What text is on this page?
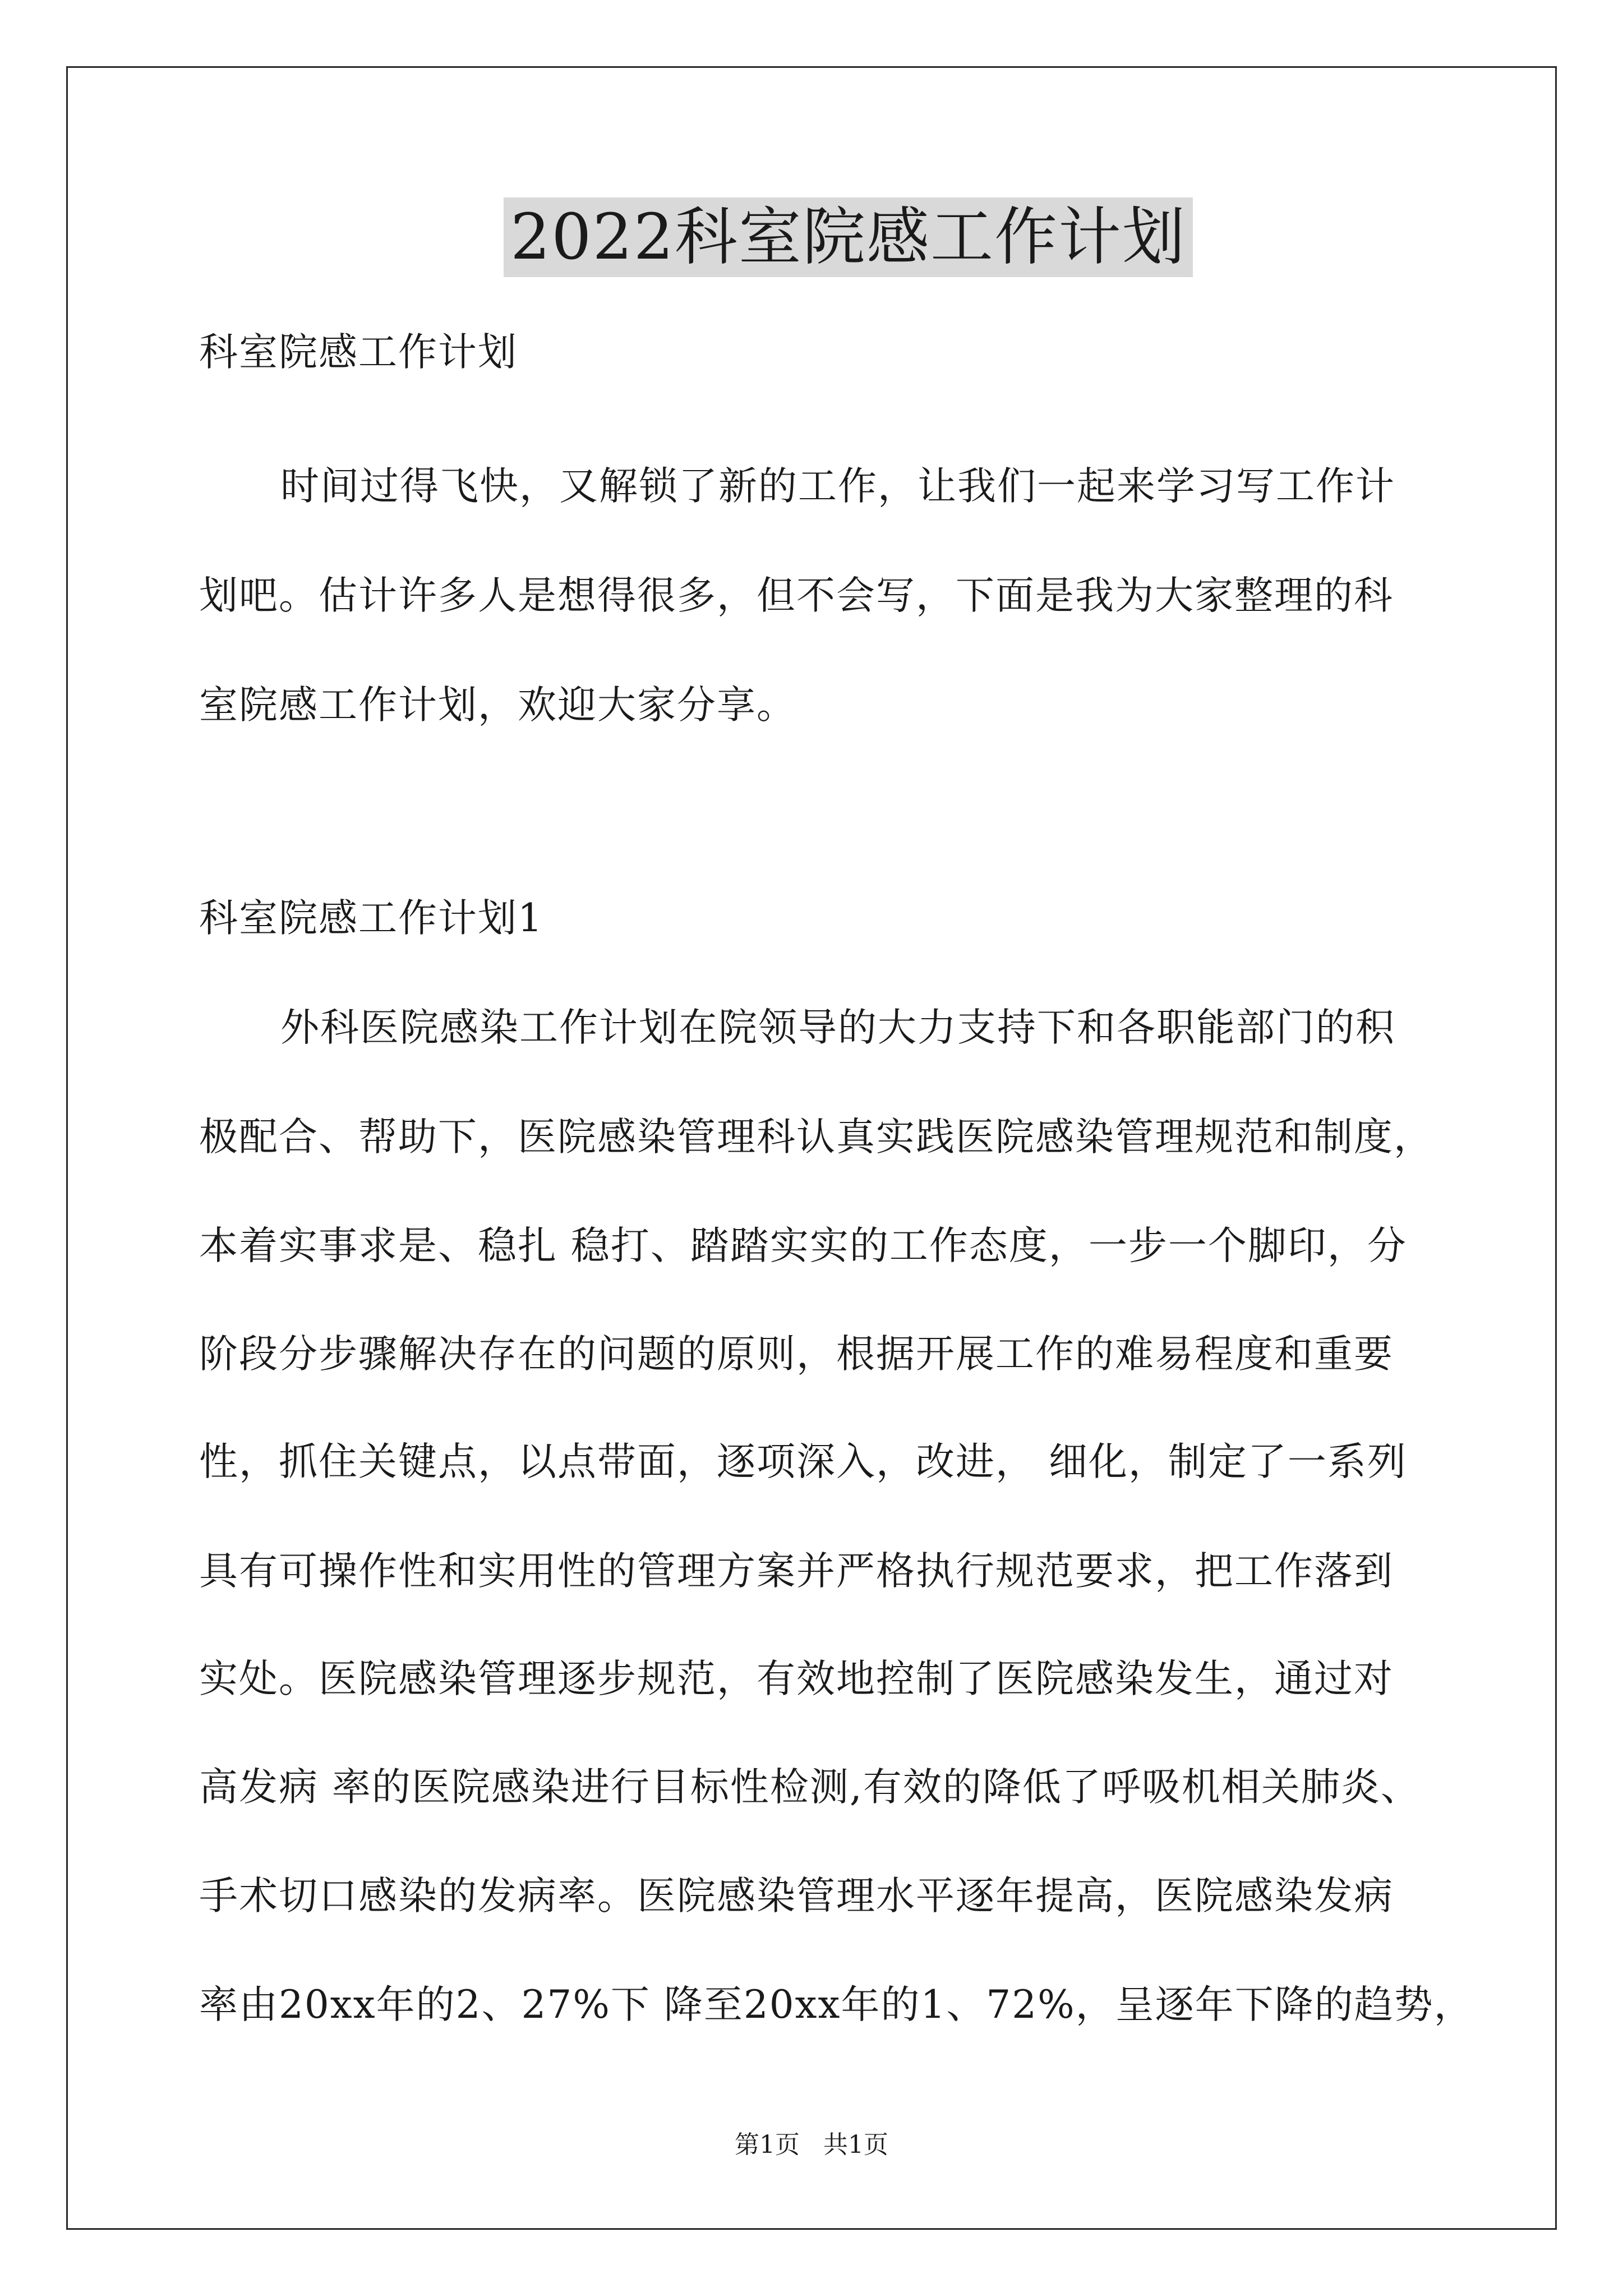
2022科室院感工作计划
科室院感工作计划
时间过得飞快，又解锁了新的工作，让我们一起来学习写工作计
划吧。估计许多人是想得很多，但不会写，下面是我为大家整理的科
室院感工作计划，欢迎大家分享。
科室院感工作计划1
外科医院感染工作计划在院领导的大力支持下和各职能部门的积
极配合、帮助下，医院感染管理科认真实践医院感染管理规范和制度，
本着实事求是、稳扎 稳打、踏踏实实的工作态度，一步一个脚印，分
阶段分步骤解决存在的问题的原则，根据开展工作的难易程度和重要
性，抓住关键点，以点带面，逐项深入，改进， 细化，制定了一系列
具有可操作性和实用性的管理方案并严格执行规范要求，把工作落到
实处。医院感染管理逐步规范，有效地控制了医院感染发生，通过对
高发病 率的医院感染进行目标性检测,有效的降低了呼吸机相关肺炎、
手术切口感染的发病率。医院感染管理水平逐年提高，医院感染发病
率由20xx年的2、27%下 降至20xx年的1、72%，呈逐年下降的趋势，
第1页   共1页
